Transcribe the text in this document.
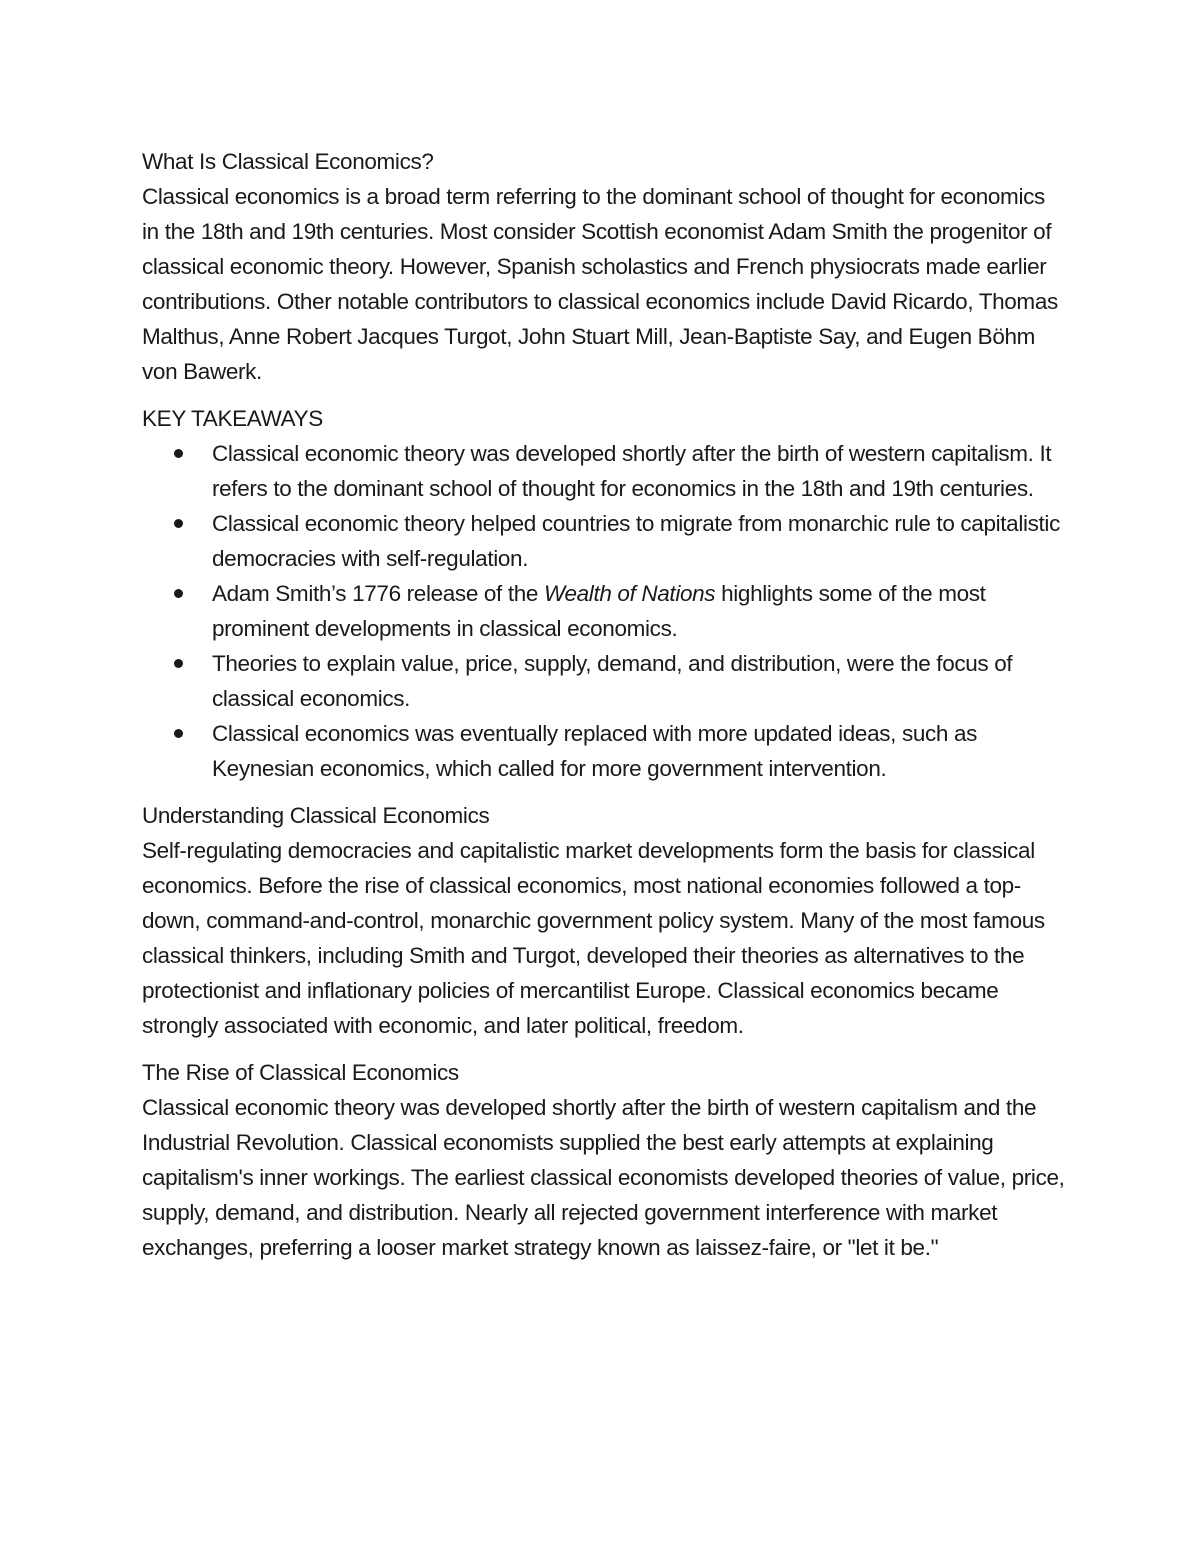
What Is Classical Economics?

Classical economics is a broad term referring to the dominant school of thought for economics in the 18th and 19th centuries. Most consider Scottish economist Adam Smith the progenitor of classical economic theory. However, Spanish scholastics and French physiocrats made earlier contributions. Other notable contributors to classical economics include David Ricardo, Thomas Malthus, Anne Robert Jacques Turgot, John Stuart Mill, Jean-Baptiste Say, and Eugen Böhm von Bawerk.

KEY TAKEAWAYS
Classical economic theory was developed shortly after the birth of western capitalism. It refers to the dominant school of thought for economics in the 18th and 19th centuries.
Classical economic theory helped countries to migrate from monarchic rule to capitalistic democracies with self-regulation.
Adam Smith’s 1776 release of the Wealth of Nations highlights some of the most prominent developments in classical economics.
Theories to explain value, price, supply, demand, and distribution, were the focus of classical economics.
Classical economics was eventually replaced with more updated ideas, such as Keynesian economics, which called for more government intervention.
Understanding Classical Economics

Self-regulating democracies and capitalistic market developments form the basis for classical economics. Before the rise of classical economics, most national economies followed a top-down, command-and-control, monarchic government policy system. Many of the most famous classical thinkers, including Smith and Turgot, developed their theories as alternatives to the protectionist and inflationary policies of mercantilist Europe. Classical economics became strongly associated with economic, and later political, freedom.

The Rise of Classical Economics

Classical economic theory was developed shortly after the birth of western capitalism and the Industrial Revolution. Classical economists supplied the best early attempts at explaining capitalism's inner workings. The earliest classical economists developed theories of value, price, supply, demand, and distribution. Nearly all rejected government interference with market exchanges, preferring a looser market strategy known as laissez-faire, or "let it be."
